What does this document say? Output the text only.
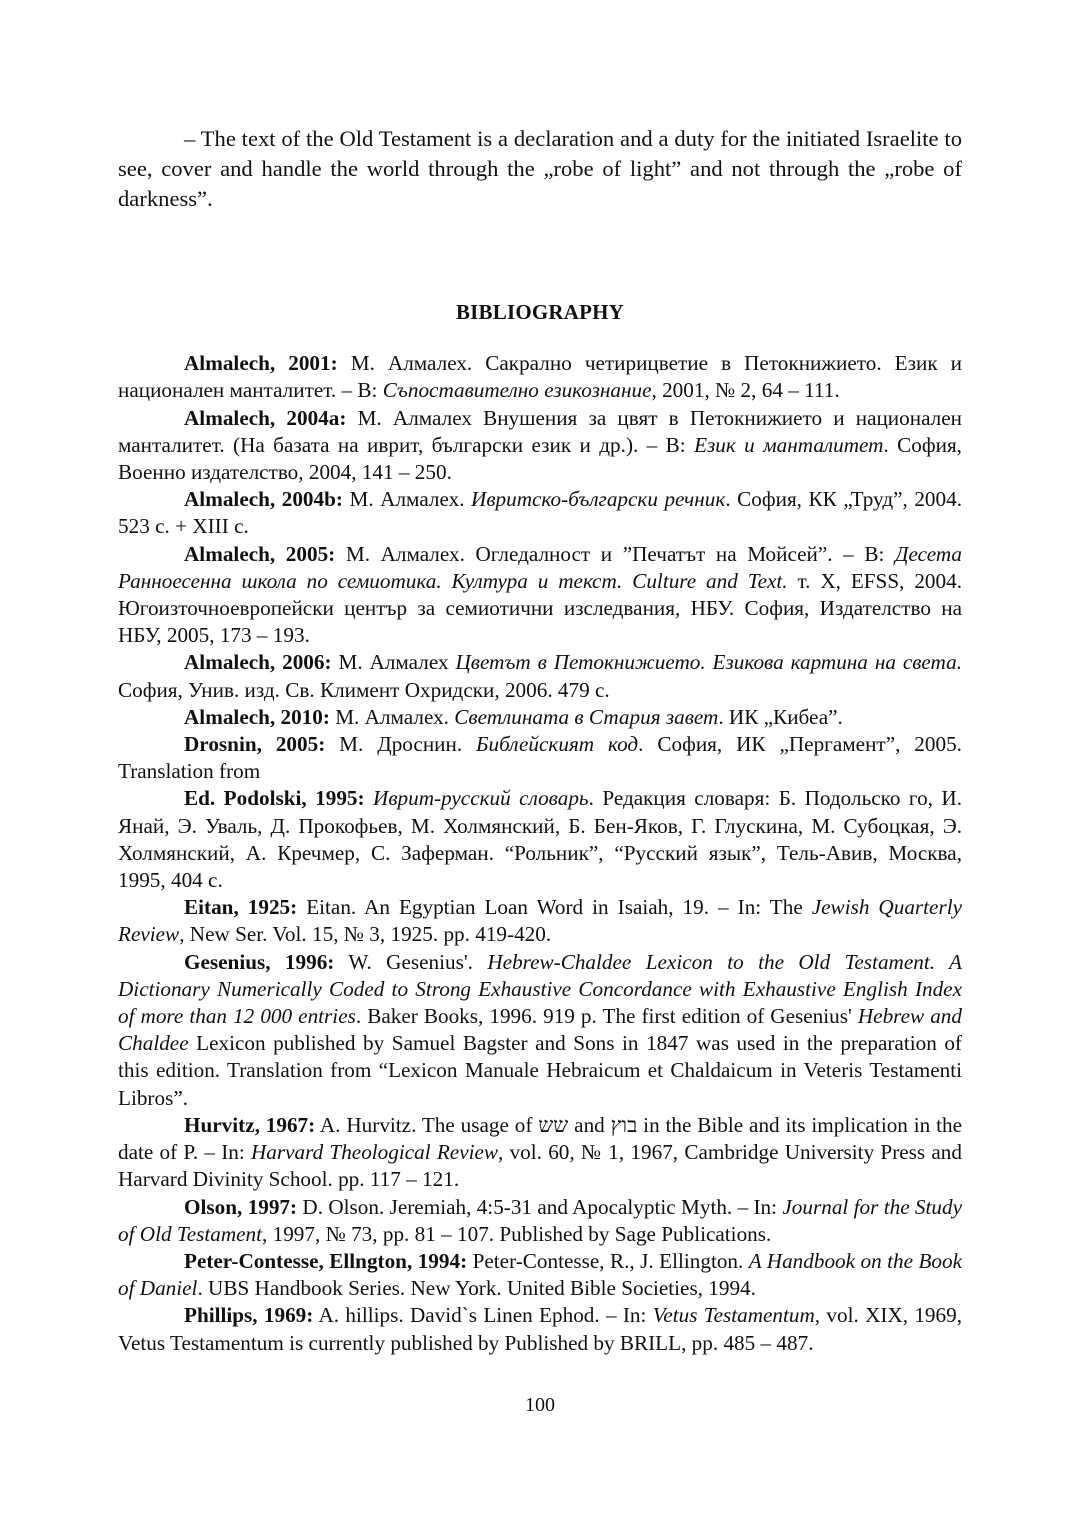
– The text of the Old Testament is a declaration and a duty for the initiated Israelite to see, cover and handle the world through the „robe of light” and not through the „robe of darkness”.

BIBLIOGRAPHY

Almalech, 2001: М. Алмалех. Сакрално четирицветие в Петокнижието. Език и национален манталитет. – В: Съпоставително езикознание, 2001, № 2, 64 – 111.

Almalech, 2004a: М. Алмалех Внушения за цвят в Петокнижието и национален манталитет. (На базата на иврит, български език и др.). – В: Език и манталитет. София, Военно издателство, 2004, 141 – 250.

Almalech, 2004b: М. Алмалех. Ивритско-български речник. София, КК „Труд”, 2004. 523 с. + XIII с.

Almalech, 2005: М. Алмалех. Огледалност и ”Печатът на Мойсей”. – В: Десета Ранноесенна школа по семиотика. Култура и текст. Culture and Text. т. Х, EFSS, 2004. Югоизточноевропейски център за семиотични изследвания, НБУ. София, Издателство на НБУ, 2005, 173 – 193.

Almalech, 2006: М. Алмалех Цветът в Петокнижието. Езикова картина на света. София, Унив. изд. Св. Климент Охридски, 2006. 479 с.

Almalech, 2010: М. Алмалех. Светлината в Стария завет. ИК „Кибеа”.

Drosnin, 2005: М. Дроснин. Библейският код. София, ИК „Пергамент”, 2005. Translation from

Ed. Podolski, 1995: Иврит-русский словарь. Редакция словаря: Б. Подольско го, И. Янай, Э. Уваль, Д. Прокофьев, М. Холмянский, Б. Бен-Яков, Г. Глускина, М. Субоцкая, Э. Холмянский, А. Кречмер, С. Заферман. “Рольник”, “Русский язык”, Тель-Авив, Москва, 1995, 404 с.

Eitan, 1925: Eitan. An Egyptian Loan Word in Isaiah, 19. – In: The Jewish Quarterly Review, New Ser. Vol. 15, № 3, 1925. pp. 419-420.

Gesenius, 1996: W. Gesenius'. Hebrew-Chaldee Lexicon to the Old Testament. A Dictionary Numerically Coded to Strong Exhaustive Concordance with Exhaustive English Index of more than 12 000 entries. Baker Books, 1996. 919 p. The first edition of Gesenius' Hebrew and Chaldee Lexicon published by Samuel Bagster and Sons in 1847 was used in the preparation of this edition. Translation from “Lexicon Manuale Hebraicum et Chaldaicum in Veteris Testamenti Libros”.

Hurvitz, 1967: A. Hurvitz. The usage of שש and בוץ in the Bible and its implication in the date of P. – In: Harvard Theological Review, vol. 60, № 1, 1967, Cambridge University Press and Harvard Divinity School. pp. 117 – 121.

Olson, 1997: D. Olson. Jeremiah, 4:5-31 and Apocalyptic Myth. – In: Journal for the Study of Old Testament, 1997, № 73, pp. 81 – 107. Published by Sage Publications.

Peter-Contesse, Ellngton, 1994: Peter-Contesse, R., J. Ellington. A Handbook on the Book of Daniel. UBS Handbook Series. New York. United Bible Societies, 1994.

Phillips, 1969: A. hillips. David`s Linen Ephod. – In: Vetus Testamentum, vol. XIX, 1969, Vetus Testamentum is currently published by Published by BRILL, pp. 485 – 487.

100
